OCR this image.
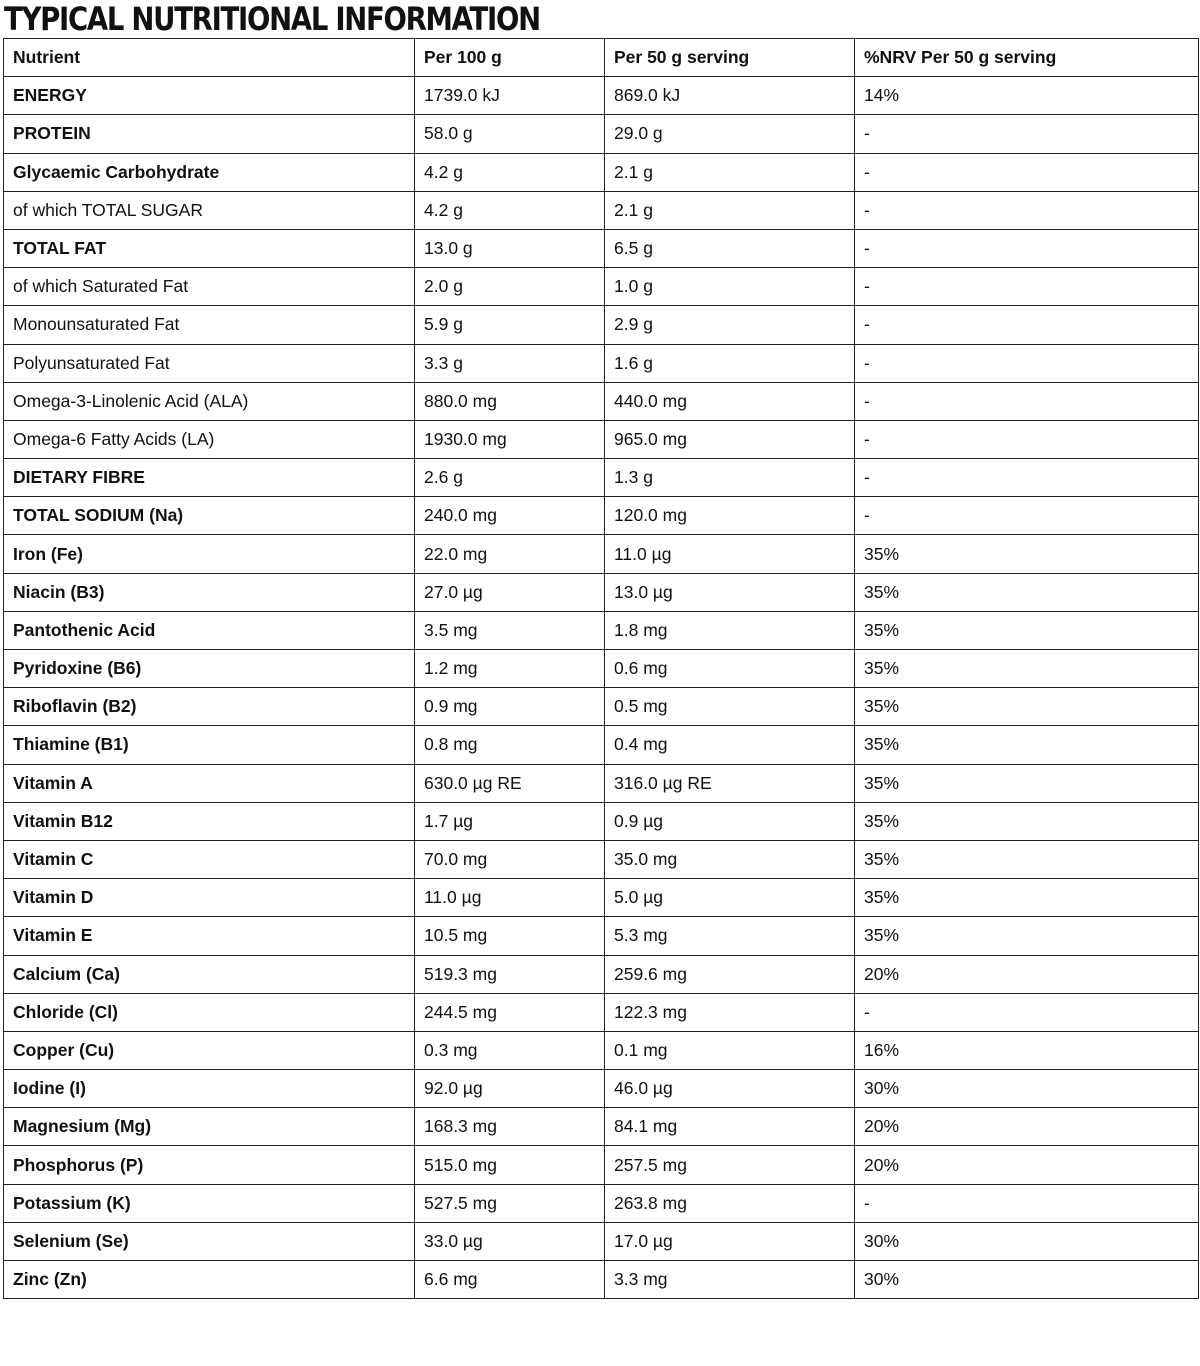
TYPICAL NUTRITIONAL INFORMATION
Nutrient	Per 100 g	Per 50 g serving	%NRV Per 50 g serving
ENERGY	1739.0 kJ	869.0 kJ	14%
PROTEIN	58.0 g	29.0 g	-
Glycaemic Carbohydrate	4.2 g	2.1 g	-
of which TOTAL SUGAR	4.2 g	2.1 g	-
TOTAL FAT	13.0 g	6.5 g	-
of which Saturated Fat	2.0 g	1.0 g	-
Monounsaturated Fat	5.9 g	2.9 g	-
Polyunsaturated Fat	3.3 g	1.6 g	-
Omega-3-Linolenic Acid (ALA)	880.0 mg	440.0 mg	-
Omega-6 Fatty Acids (LA)	1930.0 mg	965.0 mg	-
DIETARY FIBRE	2.6 g	1.3 g	-
TOTAL SODIUM (Na)	240.0 mg	120.0 mg	-
Iron (Fe)	22.0 mg	11.0 µg	35%
Niacin (B3)	27.0 µg	13.0 µg	35%
Pantothenic Acid	3.5 mg	1.8 mg	35%
Pyridoxine (B6)	1.2 mg	0.6 mg	35%
Riboflavin (B2)	0.9 mg	0.5 mg	35%
Thiamine (B1)	0.8 mg	0.4 mg	35%
Vitamin A	630.0 µg RE	316.0 µg RE	35%
Vitamin B12	1.7 µg	0.9 µg	35%
Vitamin C	70.0 mg	35.0 mg	35%
Vitamin D	11.0 µg	5.0 µg	35%
Vitamin E	10.5 mg	5.3 mg	35%
Calcium (Ca)	519.3 mg	259.6 mg	20%
Chloride (Cl)	244.5 mg	122.3 mg	-
Copper (Cu)	0.3 mg	0.1 mg	16%
Iodine (I)	92.0 µg	46.0 µg	30%
Magnesium (Mg)	168.3 mg	84.1 mg	20%
Phosphorus (P)	515.0 mg	257.5 mg	20%
Potassium (K)	527.5 mg	263.8 mg	-
Selenium (Se)	33.0 µg	17.0 µg	30%
Zinc (Zn)	6.6 mg	3.3 mg	30%
